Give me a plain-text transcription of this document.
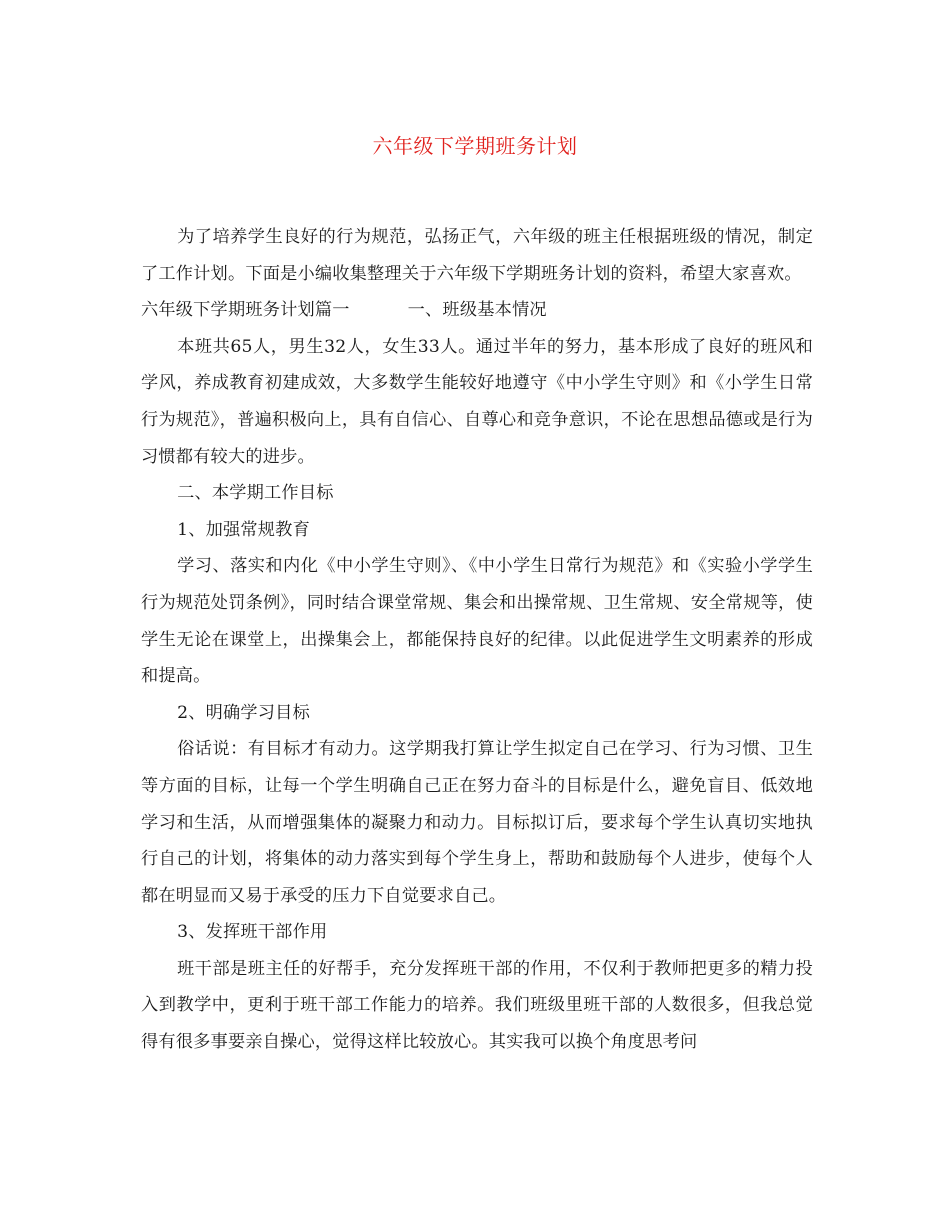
六年级下学期班务计划

为了培养学生良好的行为规范，弘扬正气，六年级的班主任根据班级的情况，制定了工作计划。下面是小编收集整理关于六年级下学期班务计划的资料，希望大家喜欢。

六年级下学期班务计划篇一	一、班级基本情况

本班共65人，男生32人，女生33人。通过半年的努力，基本形成了良好的班风和学风，养成教育初建成效，大多数学生能较好地遵守《中小学生守则》和《小学生日常行为规范》，普遍积极向上，具有自信心、自尊心和竞争意识，不论在思想品德或是行为习惯都有较大的进步。

二、本学期工作目标

1、加强常规教育

学习、落实和内化《中小学生守则》、《中小学生日常行为规范》和《实验小学学生行为规范处罚条例》，同时结合课堂常规、集会和出操常规、卫生常规、安全常规等，使学生无论在课堂上，出操集会上，都能保持良好的纪律。以此促进学生文明素养的形成和提高。

2、明确学习目标

俗话说：有目标才有动力。这学期我打算让学生拟定自己在学习、行为习惯、卫生等方面的目标，让每一个学生明确自己正在努力奋斗的目标是什么，避免盲目、低效地学习和生活，从而增强集体的凝聚力和动力。目标拟订后，要求每个学生认真切实地执行自己的计划，将集体的动力落实到每个学生身上，帮助和鼓励每个人进步，使每个人都在明显而又易于承受的压力下自觉要求自己。

3、发挥班干部作用

班干部是班主任的好帮手，充分发挥班干部的作用，不仅利于教师把更多的精力投入到教学中，更利于班干部工作能力的培养。我们班级里班干部的人数很多，但我总觉得有很多事要亲自操心，觉得这样比较放心。其实我可以换个角度思考问
